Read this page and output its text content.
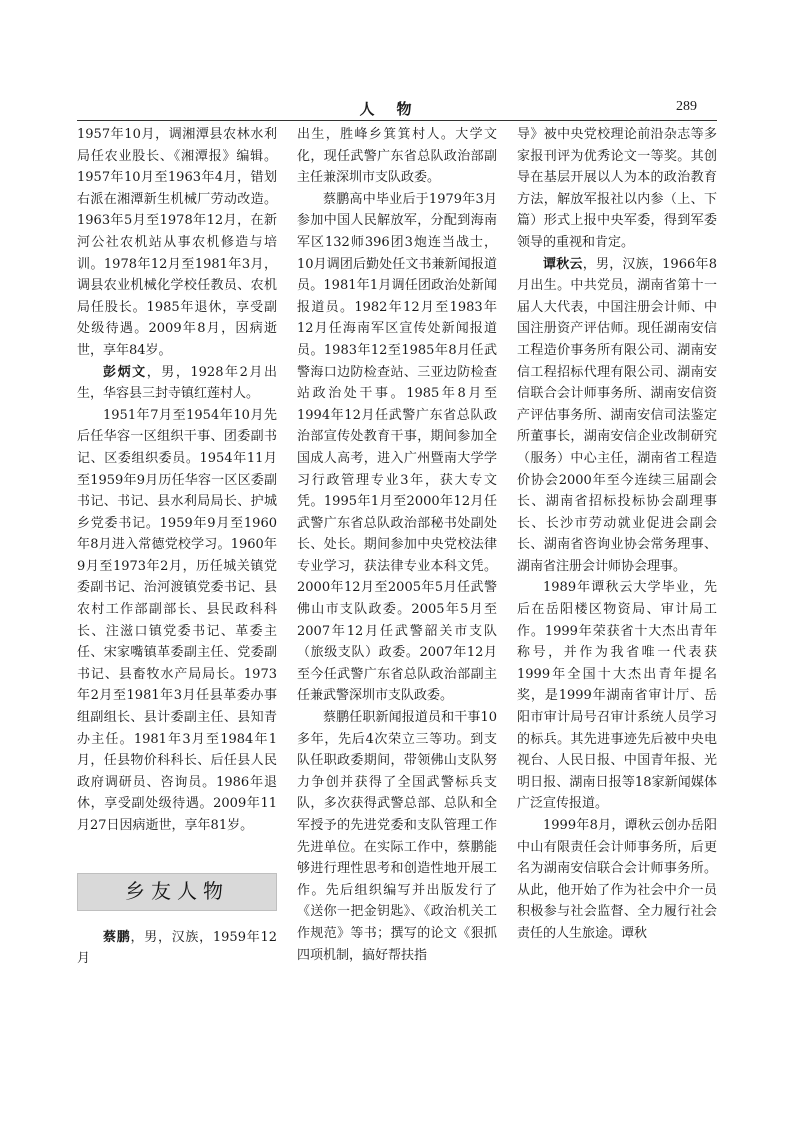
人物	289

1957年10月，调湘潭县农林水利局任农业股长、《湘潭报》编辑。1957年10月至1963年4月，错划右派在湘潭新生机械厂劳动改造。1963年5月至1978年12月，在新河公社农机站从事农机修造与培训。1978年12月至1981年3月，调县农业机械化学校任教员、农机局任股长。1985年退休，享受副处级待遇。2009年8月，因病逝世，享年84岁。

彭炳文，男，1928年2月出生，华容县三封寺镇红莲村人。

1951年7月至1954年10月先后任华容一区组织干事、团委副书记、区委组织委员。1954年11月至1959年9月历任华容一区区委副书记、书记、县水利局局长、护城乡党委书记。1959年9月至1960年8月进入常德党校学习。1960年9月至1973年2月，历任城关镇党委副书记、治河渡镇党委书记、县农村工作部副部长、县民政科科长、注滋口镇党委书记、革委主任、宋家嘴镇革委副主任、党委副书记、县畜牧水产局局长。1973年2月至1981年3月任县革委办事组副组长、县计委副主任、县知青办主任。1981年3月至1984年1月，任县物价科科长、后任县人民政府调研员、咨询员。1986年退休，享受副处级待遇。2009年11月27日因病逝世，享年81岁。

乡友人物

蔡鹏，男，汉族，1959年12月

出生，胜峰乡箕箕村人。大学文化，现任武警广东省总队政治部副主任兼深圳市支队政委。

蔡鹏高中毕业后于1979年3月参加中国人民解放军，分配到海南军区132师396团3炮连当战士，10月调团后勤处任文书兼新闻报道员。1981年1月调任团政治处新闻报道员。1982年12月至1983年12月任海南军区宣传处新闻报道员。1983年12至1985年8月任武警海口边防检查站、三亚边防检查站政治处干事。1985年8月至1994年12月任武警广东省总队政治部宣传处教育干事，期间参加全国成人高考，进入广州暨南大学学习行政管理专业3年，获大专文凭。1995年1月至2000年12月任武警广东省总队政治部秘书处副处长、处长。期间参加中央党校法律专业学习，获法律专业本科文凭。2000年12月至2005年5月任武警佛山市支队政委。2005年5月至2007年12月任武警韶关市支队（旅级支队）政委。2007年12月至今任武警广东省总队政治部副主任兼武警深圳市支队政委。

蔡鹏任职新闻报道员和干事10多年，先后4次荣立三等功。到支队任职政委期间，带领佛山支队努力争创并获得了全国武警标兵支队，多次获得武警总部、总队和全军授予的先进党委和支队管理工作先进单位。在实际工作中，蔡鹏能够进行理性思考和创造性地开展工作。先后组织编写并出版发行了《送你一把金钥匙》、《政治机关工作规范》等书；撰写的论文《狠抓四项机制，搞好帮扶指

导》被中央党校理论前沿杂志等多家报刊评为优秀论文一等奖。其创导在基层开展以人为本的政治教育方法，解放军报社以内参（上、下篇）形式上报中央军委，得到军委领导的重视和肯定。

谭秋云，男，汉族，1966年8月出生。中共党员，湖南省第十一届人大代表，中国注册会计师、中国注册资产评估师。现任湖南安信工程造价事务所有限公司、湖南安信工程招标代理有限公司、湖南安信联合会计师事务所、湖南安信资产评估事务所、湖南安信司法鉴定所董事长，湖南安信企业改制研究（服务）中心主任，湖南省工程造价协会2000年至今连续三届副会长、湖南省招标投标协会副理事长、长沙市劳动就业促进会副会长、湖南省咨询业协会常务理事、湖南省注册会计师协会理事。

1989年谭秋云大学毕业，先后在岳阳楼区物资局、审计局工作。1999年荣获省十大杰出青年称号，并作为我省唯一代表获1999年全国十大杰出青年提名奖，是1999年湖南省审计厅、岳阳市审计局号召审计系统人员学习的标兵。其先进事迹先后被中央电视台、人民日报、中国青年报、光明日报、湖南日报等18家新闻媒体广泛宣传报道。

1999年8月，谭秋云创办岳阳中山有限责任会计师事务所，后更名为湖南安信联合会计师事务所。从此，他开始了作为社会中介一员积极参与社会监督、全力履行社会责任的人生旅途。谭秋
